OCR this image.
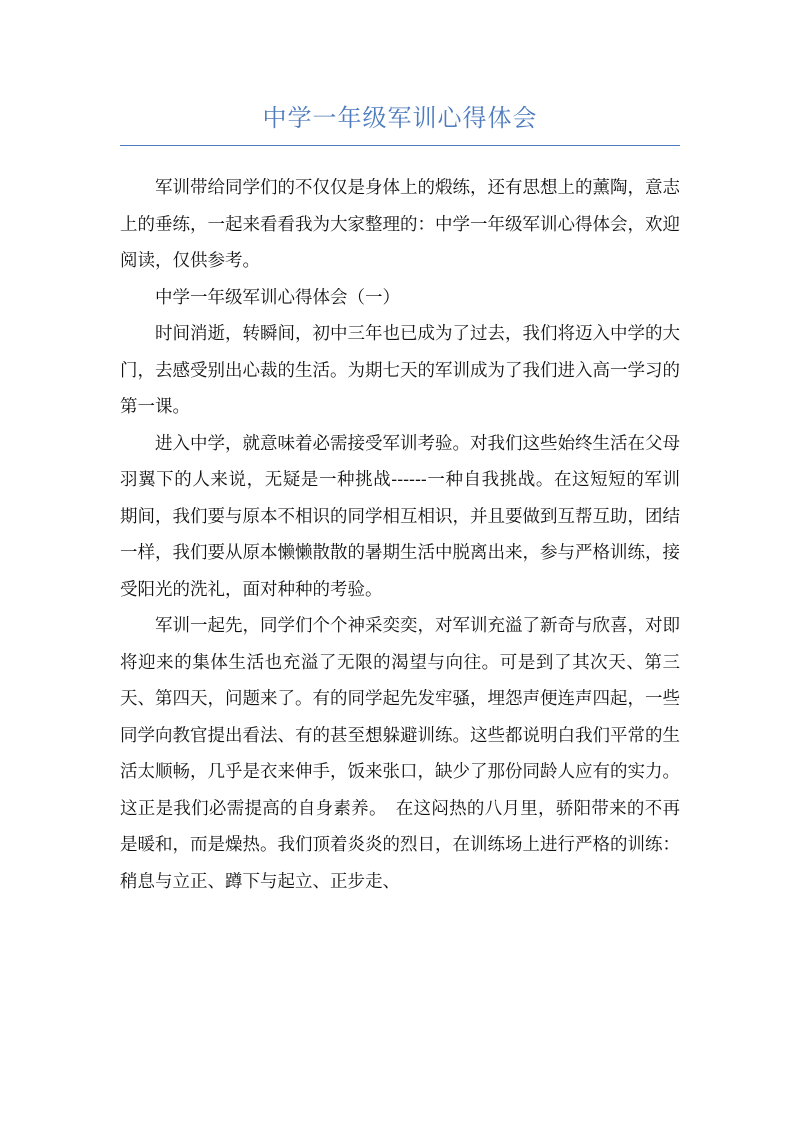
中学一年级军训心得体会

军训带给同学们的不仅仅是身体上的煅练，还有思想上的薰陶，意志上的垂练，一起来看看我为大家整理的：中学一年级军训心得体会，欢迎阅读，仅供参考。

中学一年级军训心得体会（一）

时间消逝，转瞬间，初中三年也已成为了过去，我们将迈入中学的大门，去感受别出心裁的生活。为期七天的军训成为了我们进入高一学习的第一课。

进入中学，就意味着必需接受军训考验。对我们这些始终生活在父母羽翼下的人来说，无疑是一种挑战------一种自我挑战。在这短短的军训期间，我们要与原本不相识的同学相互相识，并且要做到互帮互助，团结一样，我们要从原本懒懒散散的暑期生活中脱离出来，参与严格训练，接受阳光的洗礼，面对种种的考验。

军训一起先，同学们个个神采奕奕，对军训充溢了新奇与欣喜，对即将迎来的集体生活也充溢了无限的渴望与向往。可是到了其次天、第三天、第四天，问题来了。有的同学起先发牢骚，埋怨声便连声四起，一些同学向教官提出看法、有的甚至想躲避训练。这些都说明白我们平常的生活太顺畅，几乎是衣来伸手，饭来张口，缺少了那份同龄人应有的实力。这正是我们必需提高的自身素养。　在这闷热的八月里，骄阳带来的不再是暖和，而是燥热。我们顶着炎炎的烈日，在训练场上进行严格的训练：稍息与立正、蹲下与起立、正步走、
